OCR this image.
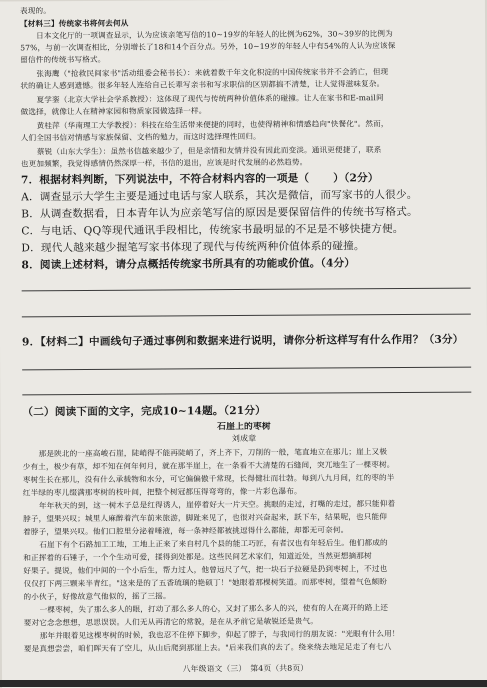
表现的。
【材料三】传统家书将何去何从
日本文化厅的一项调查显示，认为应该亲笔写信的10~19岁的年轻人的比例为62%，30~39岁的比例为
57%，与前一次调查相比，分别增长了18和14个百分点。另外，10~19岁的年轻人中有54%的人认为应该保
留信件的传统书写格式。
张海鹰（"抢救民间家书"活动组委会秘书长）：来就着数千年文化积淀的中国传统家书并不会消亡，但现
状的确让人感到遗憾。很多年轻人连给自己长辈写亲书和写求职信的区别都搞不清楚，让人觉得滋味复杂。
夏学銮（北京大学社会学系教授）：这体现了现代与传统两种价值体系的碰撞。让人在家书和E-mail间
做选择，就像让人在精神家园和物质家园做选择一样。
黄桂萍（华南理工大学教授）：科技在给生活带来便捷的同时，也使得精神和情感趋向"快餐化"。然而，
人们全国书信对情感与家族保留、文档的勉力，而这时选择理性回归。
蔡锐（山东大学生）：虽然书信越来越少了，但是亲情和友情并没有因此而变淡。通讯更便捷了，联系
也更加频繁，我觉得感情仍然深厚一样，书信的退出，应该是时代发展的必然趋势。
7．根据材料判断，下列说法中，不符合材料内容的一项是（ ）（2分）
A．调查显示大学生主要是通过电话与家人联系，其次是微信，而写家书的人很少。
B．从调查数据看，日本青年认为应亲笔写信的原因是要保留信件的传统书写格式。
C．与电话、QQ等现代通讯手段相比，传统家书最明显的不足是不够快捷方便。
D．现代人越来越少握笔写家书体现了现代与传统两种价值体系的碰撞。
8．阅读上述材料，请分点概括传统家书所具有的功能或价值。（4分）
9．【材料二】中画线句子通过事例和数据来进行说明，请你分析这样写有什么作用？（3分）
（二）阅读下面的文字，完成10~14题。（21分）
石崖上的枣树
刘成章
那是陕北的一座高峻石崖，陡峭得不能再陡峭了，齐上齐下，刀削的一般，笔直地立在那儿；崖上又极
少有土，极少有草，却不知在何年何月，就在那半崖上，在一条看不大清楚的石缝间，突兀地生了一棵枣树。
枣树生长在那儿，没有什么承载物和水分，可它偏偏傲千常现，长得健壮而壮勃。每到八九月间，红的枣的半
红半绿的枣儿缀满那枣树的枝叶间，把整个树冠都压得弯弯的，像一片彩色瀑布。
年年秋天的到，这一树木子总是红得诱人，崖停着好大一片天空。挑眼的走过，打嘴的走过，都只能仰着
脖子，望果兴叹；城里人麻醉着汽车前来旅游，脚趾来见了，也很对兴奋起来，跃下车，结果呢，也只能仰
着脖子，望果兴叹。他们口腔里分泌着唾液，每一条神经都被挑逗得什么都能，却都无可奈何。
石崖下有个石路加工工地，工地上正来了来自村几个县的能工巧匠，有者汉也有年轻后生。他们都成的
和正挥着的石锤子，一个个生动可爱，揉得到处都是。这些民间艺术家们，知道近处，当然更想摘那树
好果子。提说，他们中间的一个小后生，帮力过人，他曾远尺了气，把一块石子拉硬是扔到枣树上，不过也
仅仅打下两三颗来半青红。"这来是的了五香琉璃的艳硕丁！"她眼着那棵树笑道。而那枣树，望着气色颇盼
的小伙子，好像故意气他似的，摇了三摇。
一棵枣树，失了那么多人的眼，打动了那么多人的心，又封了那么多人的兴，使有的人在离开的路上还
要对它念念想想，思思误误。人们无从再清它的常貌，是在从矛前它是敏锐还是贵气。
那年并眼着见这棵枣树的时候，我也忍不住停下脚步，仰起了脖子，与我同行的朋友说："光眼有什么用！
要是真想尝尝，咱们晖天有了空儿，从山后爬到那崖上去。"后来我们真的去了。绕来绕去地足足走了有七八
八年级语文（三）　第4页（共8页）
